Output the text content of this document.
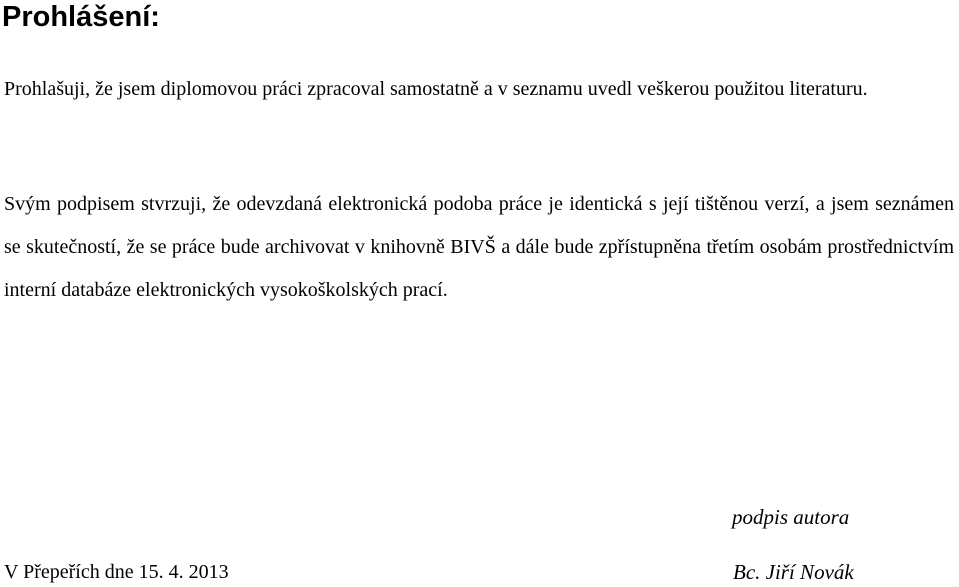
Prohlášení:

Prohlašuji, že jsem diplomovou práci zpracoval samostatně a v seznamu uvedl veškerou použitou literaturu.

Svým podpisem stvrzuji, že odevzdaná elektronická podoba práce je identická s její tištěnou verzí, a jsem seznámen se skutečností, že se práce bude archivovat v knihovně BIVŠ a dále bude zpřístupněna třetím osobám prostřednictvím interní databáze elektronických vysokoškolských prací.

podpis autora

V Přepeřích dne 15. 4. 2013	Bc. Jiří Novák
